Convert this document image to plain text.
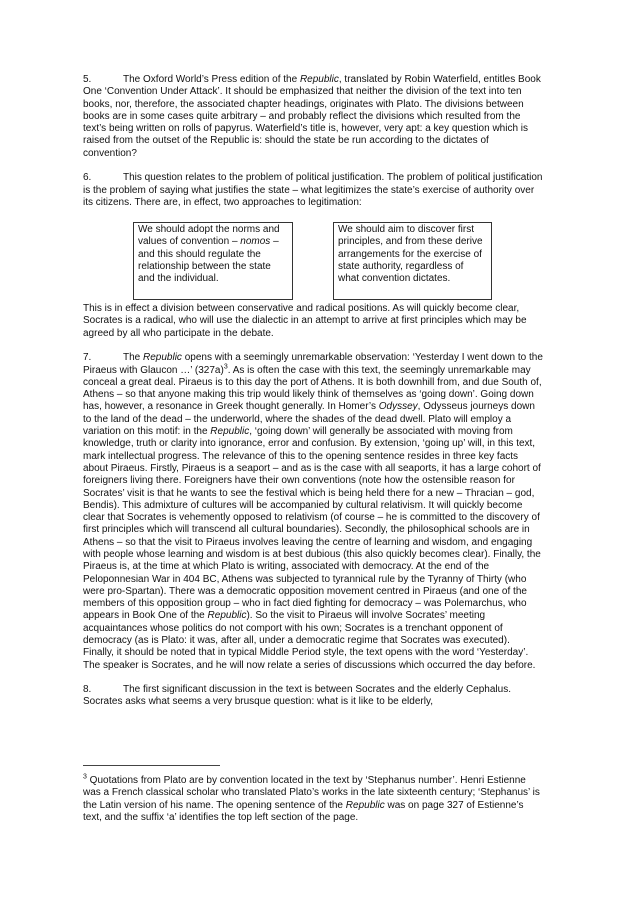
5.	The Oxford World’s Press edition of the Republic, translated by Robin Waterfield, entitles Book One ‘Convention Under Attack’. It should be emphasized that neither the division of the text into ten books, nor, therefore, the associated chapter headings, originates with Plato. The divisions between books are in some cases quite arbitrary – and probably reflect the divisions which resulted from the text’s being written on rolls of papyrus. Waterfield’s title is, however, very apt: a key question which is raised from the outset of the Republic is: should the state be run according to the dictates of convention?

6.	This question relates to the problem of political justification. The problem of political justification is the problem of saying what justifies the state – what legitimizes the state’s exercise of authority over its citizens. There are, in effect, two approaches to legitimation:

We should adopt the norms and values of convention – nomos – and this should regulate the relationship between the state and the individual.
We should aim to discover first principles, and from these derive arrangements for the exercise of state authority, regardless of what convention dictates.

This is in effect a division between conservative and radical positions. As will quickly become clear, Socrates is a radical, who will use the dialectic in an attempt to arrive at first principles which may be agreed by all who participate in the debate.

7.	The Republic opens with a seemingly unremarkable observation: ‘Yesterday I went down to the Piraeus with Glaucon …’ $(327a)^3$. As is often the case with this text, the seemingly unremarkable may conceal a great deal. Piraeus is to this day the port of Athens. It is both downhill from, and due South of, Athens – so that anyone making this trip would likely think of themselves as ‘going down’. Going down has, however, a resonance in Greek thought generally. In Homer’s Odyssey, Odysseus journeys down to the land of the dead – the underworld, where the shades of the dead dwell. Plato will employ a variation on this motif: in the Republic, ‘going down’ will generally be associated with moving from knowledge, truth or clarity into ignorance, error and confusion. By extension, ‘going up’ will, in this text, mark intellectual progress. The relevance of this to the opening sentence resides in three key facts about Piraeus. Firstly, Piraeus is a seaport – and as is the case with all seaports, it has a large cohort of foreigners living there. Foreigners have their own conventions (note how the ostensible reason for Socrates’ visit is that he wants to see the festival which is being held there for a new – Thracian – god, Bendis). This admixture of cultures will be accompanied by cultural relativism. It will quickly become clear that Socrates is vehemently opposed to relativism (of course – he is committed to the discovery of first principles which will transcend all cultural boundaries). Secondly, the philosophical schools are in Athens – so that the visit to Piraeus involves leaving the centre of learning and wisdom, and engaging with people whose learning and wisdom is at best dubious (this also quickly becomes clear). Finally, the Piraeus is, at the time at which Plato is writing, associated with democracy. At the end of the Peloponnesian War in 404 BC, Athens was subjected to tyrannical rule by the Tyranny of Thirty (who were pro-Spartan). There was a democratic opposition movement centred in Piraeus (and one of the members of this opposition group – who in fact died fighting for democracy – was Polemarchus, who appears in Book One of the Republic). So the visit to Piraeus will involve Socrates’ meeting acquaintances whose politics do not comport with his own; Socrates is a trenchant opponent of democracy (as is Plato: it was, after all, under a democratic regime that Socrates was executed). Finally, it should be noted that in typical Middle Period style, the text opens with the word ‘Yesterday’. The speaker is Socrates, and he will now relate a series of discussions which occurred the day before.

8.	The first significant discussion in the text is between Socrates and the elderly Cephalus. Socrates asks what seems a very brusque question: what is it like to be elderly,

$^3$ Quotations from Plato are by convention located in the text by ‘Stephanus number’. Henri Estienne was a French classical scholar who translated Plato’s works in the late sixteenth century; ‘Stephanus’ is the Latin version of his name. The opening sentence of the Republic was on page 327 of Estienne’s text, and the suffix ‘a’ identifies the top left section of the page.
